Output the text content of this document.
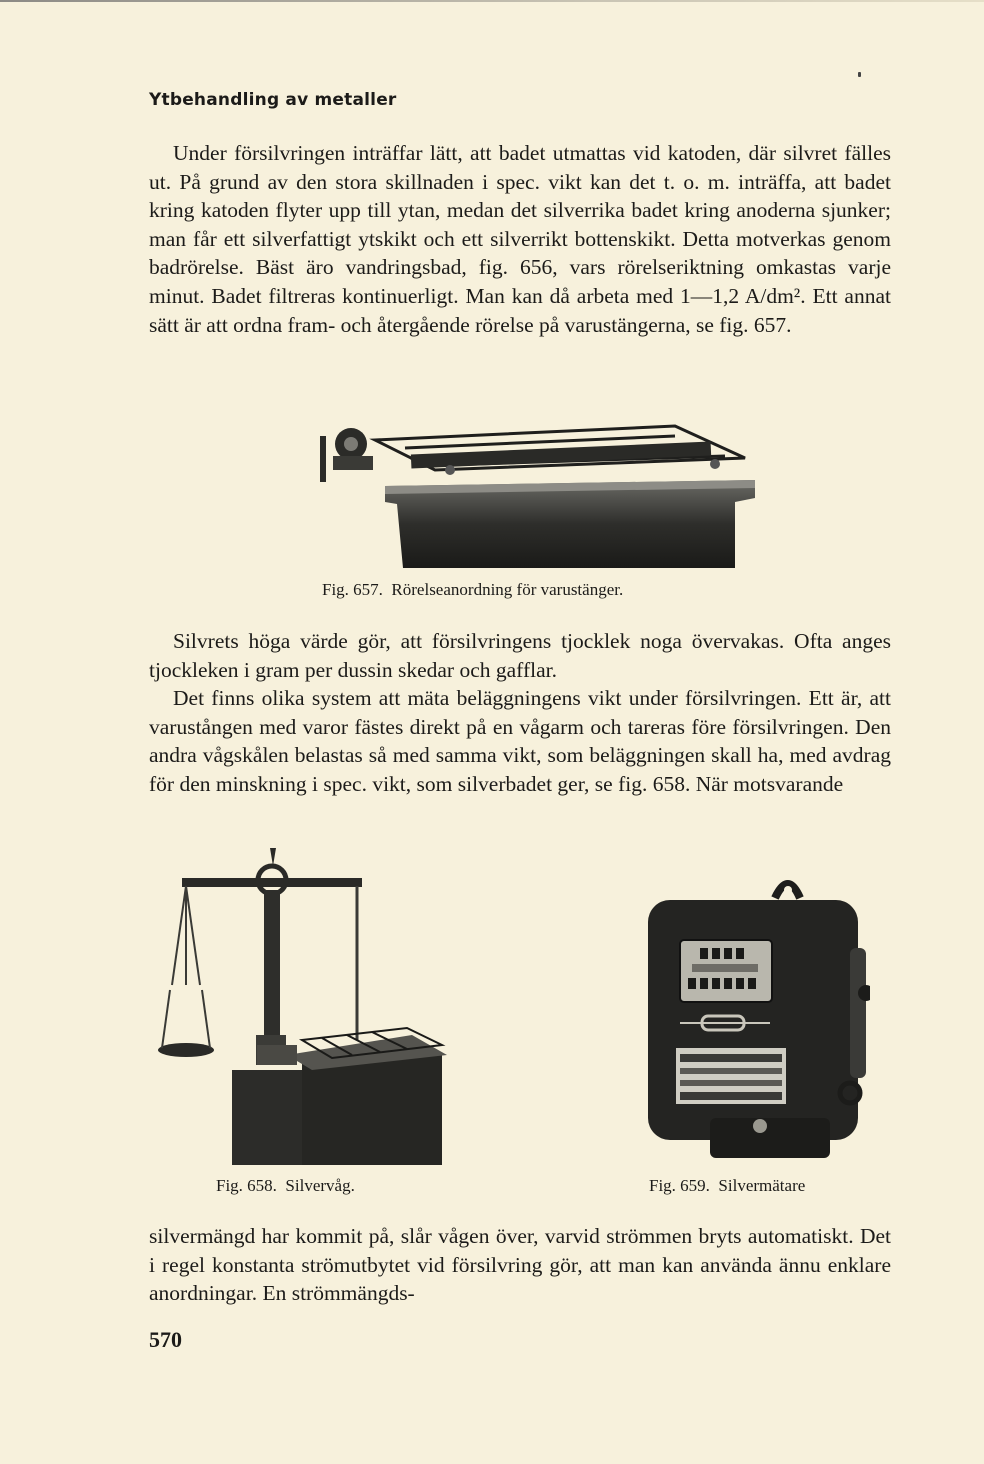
Ytbehandling av metaller
Under försilvringen inträffar lätt, att badet utmattas vid katoden, där silvret fälles ut. På grund av den stora skillnaden i spec. vikt kan det t. o. m. inträffa, att badet kring katoden flyter upp till ytan, medan det silverrika badet kring anoderna sjunker; man får ett silverfattigt ytskikt och ett silverrikt bottenskikt. Detta motverkas genom badrörelse. Bäst äro vandringsbad, fig. 656, vars rörelseriktning omkastas varje minut. Badet filtreras kontinuerligt. Man kan då arbeta med 1—1,2 A/dm². Ett annat sätt är att ordna fram- och återgående rörelse på varustängerna, se fig. 657.
Fig. 657.  Rörelseanordning för varustänger.
Silvrets höga värde gör, att försilvringens tjocklek noga övervakas. Ofta anges tjockleken i gram per dussin skedar och gafflar.
Det finns olika system att mäta beläggningens vikt under försilvringen. Ett är, att varustången med varor fästes direkt på en vågarm och tareras före försilvringen. Den andra vågskålen belastas så med samma vikt, som beläggningen skall ha, med avdrag för den minskning i spec. vikt, som silverbadet ger, se fig. 658. När motsvarande
Fig. 658.  Silvervåg.	Fig. 659.  Silvermätare
silvermängd har kommit på, slår vågen över, varvid strömmen bryts automatiskt. Det i regel konstanta strömutbytet vid försilvring gör, att man kan använda ännu enklare anordningar. En strömmängds-
570
